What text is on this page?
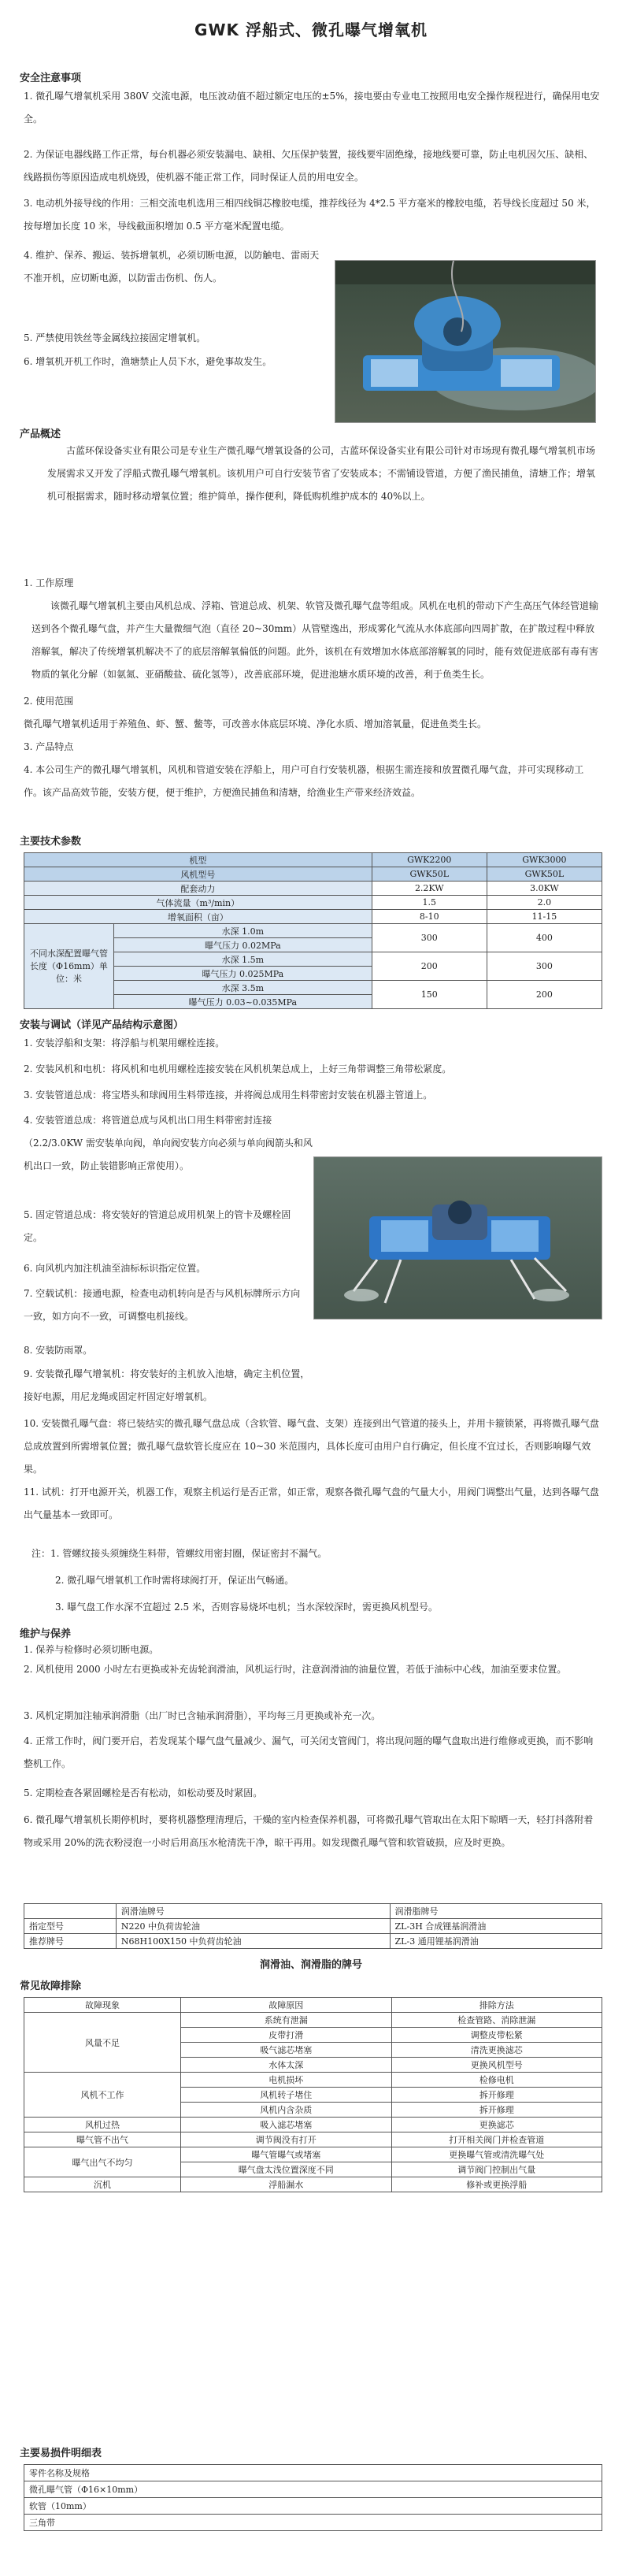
GWK 浮船式、微孔曝气增氧机
安全注意事项

1. 微孔曝气增氧机采用 380V 交流电源，电压波动值不超过额定电压的±5%，接电要由专业电工按照用电安全操作规程进行，确保用电安全。

2. 为保证电器线路工作正常，每台机器必须安装漏电、缺相、欠压保护装置，接线要牢固绝缘，接地线要可靠，防止电机因欠压、缺相、线路损伤等原因造成电机烧毁，使机器不能正常工作，同时保证人员的用电安全。

3. 电动机外接导线的作用：三相交流电机选用三相四线铜芯橡胶电缆，推荐线径为 4*2.5 平方毫米的橡胶电缆，若导线长度超过 50 米，按每增加长度 10 米，导线截面积增加 0.5 平方毫米配置电缆。

4. 维护、保养、搬运、装拆增氧机，必须切断电源，以防触电、雷雨天不准开机，应切断电源，以防雷击伤机、伤人。

5. 严禁使用铁丝等金属线拉接固定增氧机。

6. 增氧机开机工作时，渔塘禁止人员下水，避免事故发生。

产品概述

古蓝环保设备实业有限公司是专业生产微孔曝气增氧设备的公司，古蓝环保设备实业有限公司针对市场现有微孔曝气增氧机市场发展需求又开发了浮船式微孔曝气增氧机。该机用户可自行安装节省了安装成本；不需铺设管道，方便了渔民捕鱼，清塘工作；增氧机可根据需求，随时移动增氧位置；维护简单，操作便利，降低购机维护成本的 40%以上。

1. 工作原理

该微孔曝气增氧机主要由风机总成、浮箱、管道总成、机架、软管及微孔曝气盘等组成。风机在电机的带动下产生高压气体经管道输送到各个微孔曝气盘，并产生大量微细气泡（直径 20~30mm）从管壁逸出，形成雾化气流从水体底部向四周扩散，在扩散过程中释放溶解氧，解决了传统增氧机解决不了的底层溶解氧偏低的问题。此外，该机在有效增加水体底部溶解氧的同时，能有效促进底部有毒有害物质的氧化分解（如氨氮、亚硝酸盐、硫化氢等），改善底部环境，促进池塘水质环境的改善，利于鱼类生长。

2. 使用范围

微孔曝气增氧机适用于养殖鱼、虾、蟹、鳖等，可改善水体底层环境、净化水质、增加溶氧量，促进鱼类生长。

3. 产品特点

4. 本公司生产的微孔曝气增氧机，风机和管道安装在浮船上，用户可自行安装机器，根据生需连接和放置微孔曝气盘，并可实现移动工作。该产品高效节能，安装方便，便于维护，方便渔民捕鱼和清塘，给渔业生产带来经济效益。

主要技术参数
机型		GWK2200	GWK3000
风机型号		GWK50L	GWK50L
配套动力		2.2KW	3.0KW
气体流量（m³/min）		1.5	2.0
增氧面积（亩）		8-10	11-15
不同水深配置曝气管长度（Φ16mm）单位：米	水深 1.0m	300	400
	曝气压力 0.02MPa		
	水深 1.5m	200	300
	曝气压力 0.025MPa		
	水深 3.5m	150	200
	曝气压力 0.03~0.035MPa		
安装与调试（详见产品结构示意图）

1. 安装浮船和支架：将浮船与机架用螺栓连接。

2. 安装风机和电机：将风机和电机用螺栓连接安装在风机机架总成上，上好三角带调整三角带松紧度。

3. 安装管道总成：将宝塔头和球阀用生料带连接，并将阀总成用生料带密封安装在机器主管道上。

4. 安装管道总成：将管道总成与风机出口用生料带密封连接（2.2/3.0KW 需安装单向阀，单向阀安装方向必须与单向阀箭头和风机出口一致，防止装错影响正常使用）。

5. 固定管道总成：将安装好的管道总成用机架上的管卡及螺栓固定。

6. 向风机内加注机油至油标标识指定位置。

7. 空载试机：接通电源，检查电动机转向是否与风机标牌所示方向一致，如方向不一致，可调整电机接线。

8. 安装防雨罩。

9. 安装微孔曝气增氧机：将安装好的主机放入池塘，确定主机位置，接好电源，用尼龙绳或固定杆固定好增氧机。

10. 安装微孔曝气盘：将已装结实的微孔曝气盘总成（含软管、曝气盘、支架）连接到出气管道的接头上，并用卡箍锁紧，再将微孔曝气盘总成放置到所需增氧位置；微孔曝气盘软管长度应在 10~30 米范围内，具体长度可由用户自行确定，但长度不宜过长，否则影响曝气效果。

11. 试机：打开电源开关，机器工作，观察主机运行是否正常，如正常，观察各微孔曝气盘的气量大小，用阀门调整出气量，达到各曝气盘出气量基本一致即可。

注：1. 管螺纹接头须缠绕生料带，管螺纹用密封圈，保证密封不漏气。

2. 微孔曝气增氧机工作时需将球阀打开，保证出气畅通。

3. 曝气盘工作水深不宜超过 2.5 米，否则容易烧坏电机；当水深较深时，需更换风机型号。

维护与保养

1. 保养与检修时必须切断电源。

2. 风机使用 2000 小时左右更换或补充齿轮润滑油，风机运行时，注意润滑油的油量位置，若低于油标中心线，加油至要求位置。

3. 风机定期加注轴承润滑脂（出厂时已含轴承润滑脂），平均每三月更换或补充一次。

4. 正常工作时，阀门要开启，若发现某个曝气盘气量减少、漏气，可关闭支管阀门，将出现问题的曝气盘取出进行维修或更换，而不影响整机工作。

5. 定期检查各紧固螺栓是否有松动，如松动要及时紧固。

6. 微孔曝气增氧机长期停机时，要将机器整理清理后，干燥的室内检查保养机器，可将微孔曝气管取出在太阳下晾晒一天，轻打抖落附着物或采用 20%的洗衣粉浸泡一小时后用高压水枪清洗干净，晾干再用。如发现微孔曝气管和软管破损，应及时更换。

	润滑油牌号	润滑脂牌号
指定型号	N220 中负荷齿轮油	ZL-3H 合成锂基润滑油
推荐牌号	N68H100X150 中负荷齿轮油	ZL-3 通用锂基润滑油
润滑油、润滑脂的牌号
常见故障排除
故障现象	故障原因	排除方法
风量不足	系统有泄漏	检查管路、消除泄漏
	皮带打滑	调整皮带松紧
	吸气滤芯堵塞	清洗更换滤芯
	水体太深	更换风机型号
风机不工作	电机损坏	检修电机
	风机转子堵住	拆开修理
	风机内含杂质	拆开修理
风机过热	吸入滤芯堵塞	更换滤芯
曝气管不出气	调节阀没有打开	打开相关阀门并检查管道
曝气出气不均匀	曝气管曝气或堵塞	更换曝气管或清洗曝气处
	曝气盘太浅位置深度不同	调节阀门控制出气量
沉机	浮船漏水	修补或更换浮船
主要易损件明细表
零件名称及规格
微孔曝气管（Φ16×10mm）
软管（10mm）
三角带
